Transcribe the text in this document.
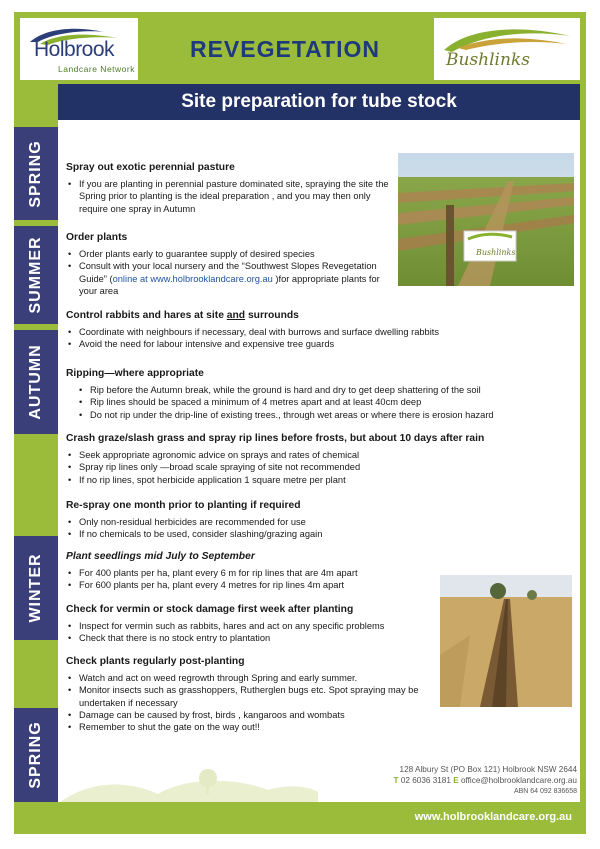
Holbrook
Landcare Network
REVEGETATION	Bushlinks
Site preparation for tube stock
SPRING
SUMMER
AUTUMN
WINTER
SPRING
Spray out exotic perennial pasture
• If you are planting in perennial pasture dominated site, spraying the site the Spring prior to planting is the ideal preparation , and you may then only require one spray in Autumn
Order plants
• Order plants early to guarantee supply of desired species
• Consult with your local nursery and the “Southwest Slopes Revegetation Guide” (online at www.holbrooklandcare.org.au )for appropriate plants for your area
Control rabbits and hares at site and surrounds
• Coordinate with neighbours if necessary, deal with burrows and surface dwelling rabbits
• Avoid the need for labour intensive and expensive tree guards
Ripping—where appropriate
• Rip before the Autumn break, while the ground is hard and dry to get deep shattering of the soil
• Rip lines should be spaced a minimum of 4 metres apart and at least 40cm deep
• Do not rip under the drip-line of existing trees., through wet areas or where there is erosion hazard
Crash graze/slash grass and spray rip lines before frosts, but about 10 days after rain
• Seek appropriate agronomic advice on sprays and rates of chemical
• Spray rip lines only —broad scale spraying of site not recommended
• If no rip lines, spot herbicide application 1 square metre per plant
Re-spray one month prior to planting if required
• Only non-residual herbicides are recommended for use
• If no chemicals to be used, consider slashing/grazing again
Plant seedlings mid July to September
• For 400 plants per ha, plant every 6 m for rip lines that are 4m apart
• For 600 plants per ha, plant every 4 metres for rip lines 4m apart
Check for vermin or stock damage first week after planting
• Inspect for vermin such as rabbits, hares and act on any specific problems
• Check that there is no stock entry to plantation
Check plants regularly post-planting
• Watch and act on weed regrowth through Spring and early summer.
• Monitor insects such as grasshoppers, Rutherglen bugs etc. Spot spraying may be undertaken if necessary
• Damage can be caused by frost, birds , kangaroos and wombats
• Remember to shut the gate on the way out!!
Bushlinks
128 Albury St (PO Box 121) Holbrook NSW 2644
T 02 6036 3181 E office@holbrooklandcare.org.au
ABN 64 092 836658
www.holbrooklandcare.org.au
